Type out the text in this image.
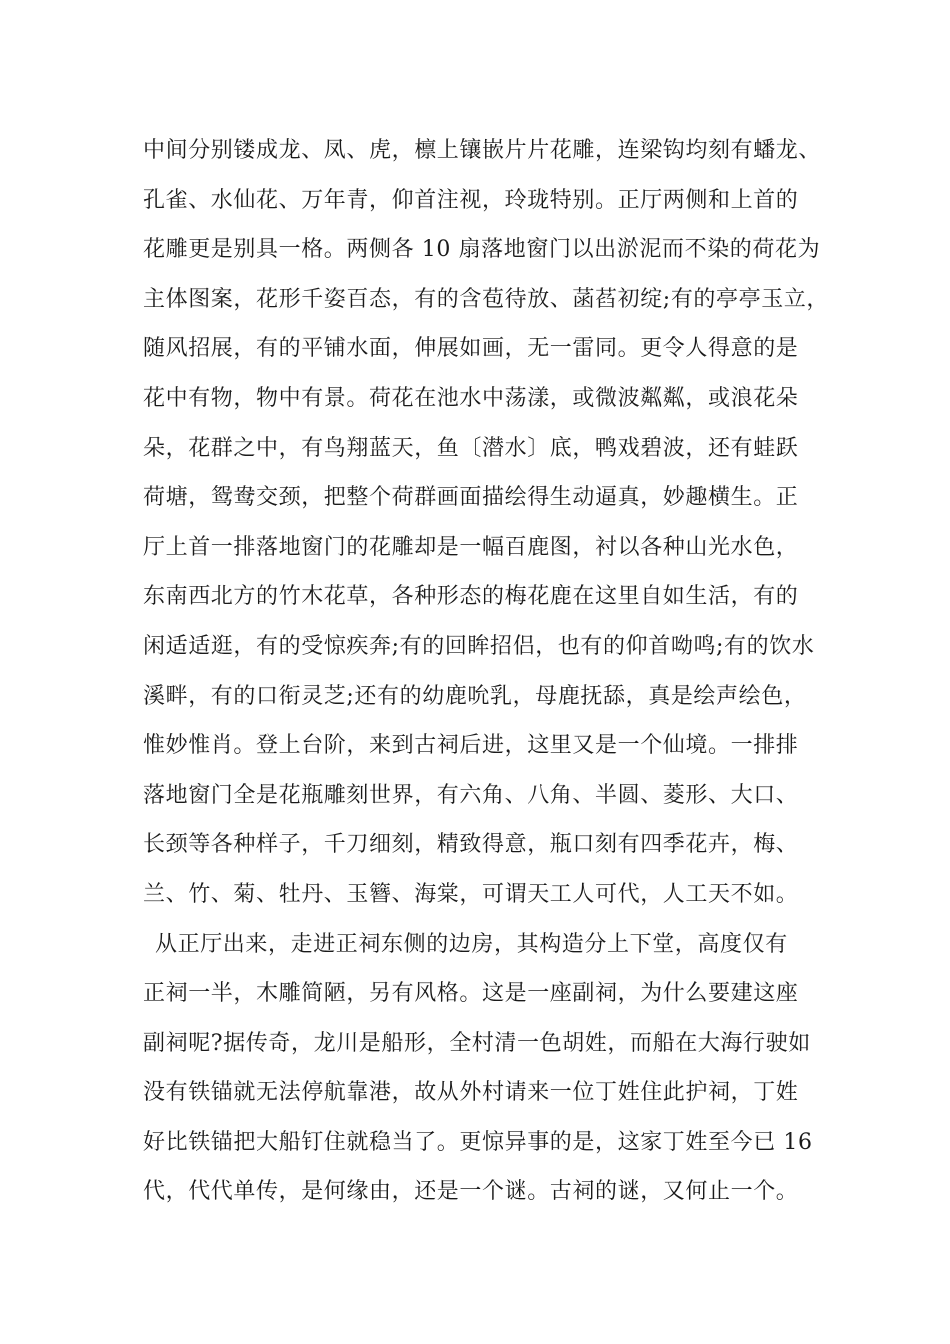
中间分别镂成龙、凤、虎，檩上镶嵌片片花雕，连梁钩均刻有蟠龙、
孔雀、水仙花、万年青，仰首注视，玲珑特别。正厅两侧和上首的
花雕更是别具一格。两侧各 10 扇落地窗门以出淤泥而不染的荷花为
主体图案，花形千姿百态，有的含苞待放、菡萏初绽;有的亭亭玉立，
随风招展，有的平铺水面，伸展如画，无一雷同。更令人得意的是
花中有物，物中有景。荷花在池水中荡漾，或微波粼粼，或浪花朵
朵，花群之中，有鸟翔蓝天，鱼〔潜水〕底，鸭戏碧波，还有蛙跃
荷塘，鸳鸯交颈，把整个荷群画面描绘得生动逼真，妙趣横生。正
厅上首一排落地窗门的花雕却是一幅百鹿图，衬以各种山光水色，
东南西北方的竹木花草，各种形态的梅花鹿在这里自如生活，有的
闲适适逛，有的受惊疾奔;有的回眸招侣，也有的仰首呦鸣;有的饮水
溪畔，有的口衔灵芝;还有的幼鹿吮乳，母鹿抚舔，真是绘声绘色，
惟妙惟肖。登上台阶，来到古祠后进，这里又是一个仙境。一排排
落地窗门全是花瓶雕刻世界，有六角、八角、半圆、菱形、大口、
长颈等各种样子，千刀细刻，精致得意，瓶口刻有四季花卉，梅、
兰、竹、菊、牡丹、玉簪、海棠，可谓天工人可代，人工天不如。
从正厅出来，走进正祠东侧的边房，其构造分上下堂，高度仅有
正祠一半，木雕简陋，另有风格。这是一座副祠，为什么要建这座
副祠呢?据传奇，龙川是船形，全村清一色胡姓，而船在大海行驶如
没有铁锚就无法停航靠港，故从外村请来一位丁姓住此护祠，丁姓
好比铁锚把大船钉住就稳当了。更惊异事的是，这家丁姓至今已 16
代，代代单传，是何缘由，还是一个谜。古祠的谜，又何止一个。
